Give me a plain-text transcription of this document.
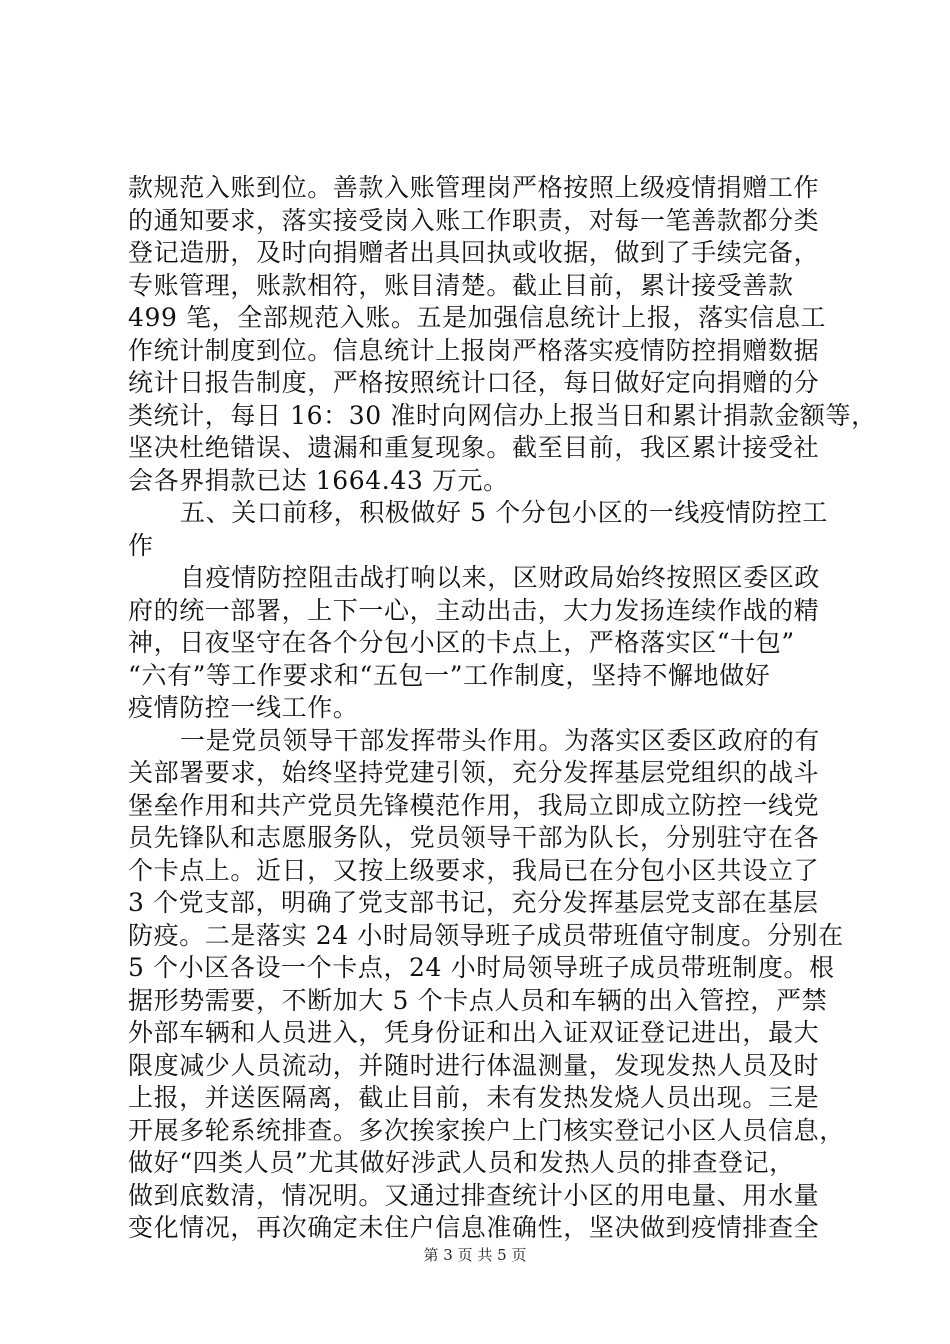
款规范入账到位。善款入账管理岗严格按照上级疫情捐赠工作
的通知要求，落实接受岗入账工作职责，对每一笔善款都分类
登记造册，及时向捐赠者出具回执或收据，做到了手续完备，
专账管理，账款相符，账目清楚。截止目前，累计接受善款
499 笔，全部规范入账。五是加强信息统计上报，落实信息工
作统计制度到位。信息统计上报岗严格落实疫情防控捐赠数据
统计日报告制度，严格按照统计口径，每日做好定向捐赠的分
类统计，每日 16：30 准时向网信办上报当日和累计捐款金额等，
坚决杜绝错误、遗漏和重复现象。截至目前，我区累计接受社
会各界捐款已达 1664.43 万元。
五、关口前移，积极做好 5 个分包小区的一线疫情防控工
作
自疫情防控阻击战打响以来，区财政局始终按照区委区政
府的统一部署，上下一心，主动出击，大力发扬连续作战的精
神，日夜坚守在各个分包小区的卡点上，严格落实区“十包”
“六有”等工作要求和“五包一”工作制度，坚持不懈地做好
疫情防控一线工作。
一是党员领导干部发挥带头作用。为落实区委区政府的有
关部署要求，始终坚持党建引领，充分发挥基层党组织的战斗
堡垒作用和共产党员先锋模范作用，我局立即成立防控一线党
员先锋队和志愿服务队，党员领导干部为队长，分别驻守在各
个卡点上。近日，又按上级要求，我局已在分包小区共设立了
3 个党支部，明确了党支部书记，充分发挥基层党支部在基层
防疫。二是落实 24 小时局领导班子成员带班值守制度。分别在
5 个小区各设一个卡点，24 小时局领导班子成员带班制度。根
据形势需要，不断加大 5 个卡点人员和车辆的出入管控，严禁
外部车辆和人员进入，凭身份证和出入证双证登记进出，最大
限度减少人员流动，并随时进行体温测量，发现发热人员及时
上报，并送医隔离，截止目前，未有发热发烧人员出现。三是
开展多轮系统排查。多次挨家挨户上门核实登记小区人员信息，
做好“四类人员”尤其做好涉武人员和发热人员的排查登记，
做到底数清，情况明。又通过排查统计小区的用电量、用水量
变化情况，再次确定未住户信息准确性，坚决做到疫情排查全
第 3 页 共 5 页
